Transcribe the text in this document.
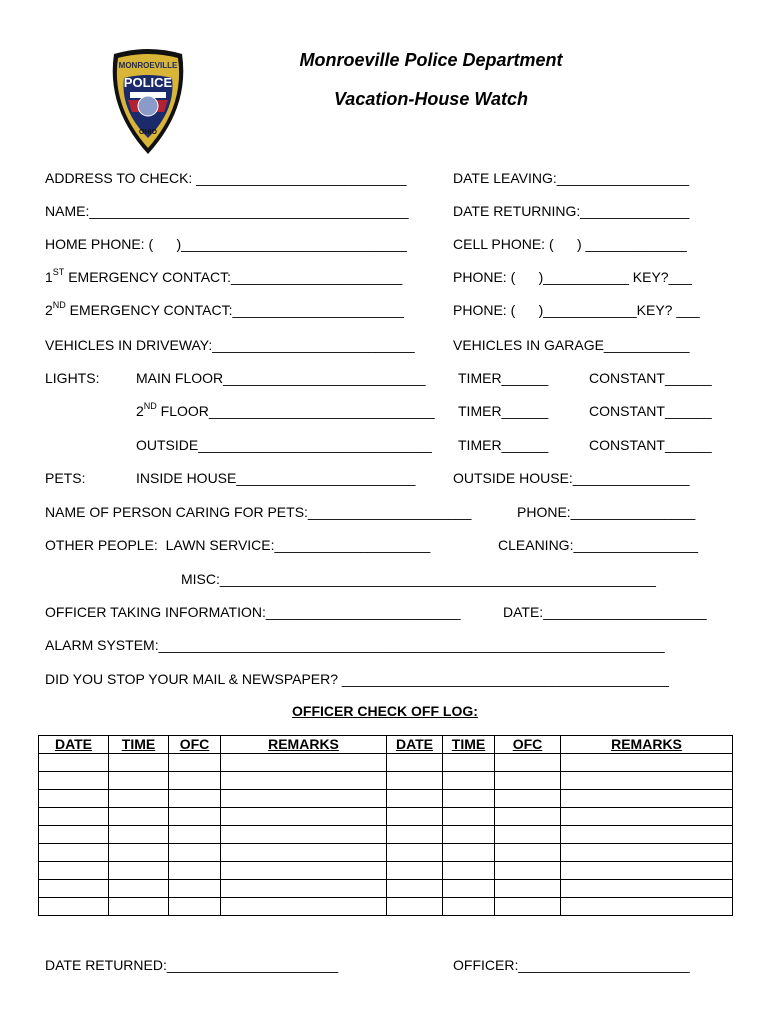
MONROEVILLE
POLICE
OHIO
Monroeville Police Department
Vacation-House Watch
ADDRESS TO CHECK: ___________________________	DATE LEAVING:_________________
NAME:_________________________________________	DATE RETURNING:______________
HOME PHONE: (      )_____________________________	CELL PHONE: (      ) _____________
1ST EMERGENCY CONTACT:______________________	PHONE: (      )___________ KEY?___
2ND EMERGENCY CONTACT:______________________	PHONE: (      )____________KEY? ___
VEHICLES IN DRIVEWAY:__________________________	VEHICLES IN GARAGE___________
LIGHTS:	MAIN FLOOR__________________________ TIMER______	CONSTANT______
2ND FLOOR_____________________________ TIMER______	CONSTANT______
OUTSIDE______________________________ TIMER______	CONSTANT______
PETS:	INSIDE HOUSE_______________________	OUTSIDE HOUSE:_______________
NAME OF PERSON CARING FOR PETS:_____________________	PHONE:________________
OTHER PEOPLE:  LAWN SERVICE:____________________	CLEANING:________________
MISC:________________________________________________________
OFFICER TAKING INFORMATION:_________________________	DATE:_____________________
ALARM SYSTEM:_________________________________________________________________
DID YOU STOP YOUR MAIL & NEWSPAPER? __________________________________________
OFFICER CHECK OFF LOG:
DATE	TIME	OFC	REMARKS	DATE	TIME	OFC	REMARKS

DATE RETURNED:______________________	OFFICER:______________________
